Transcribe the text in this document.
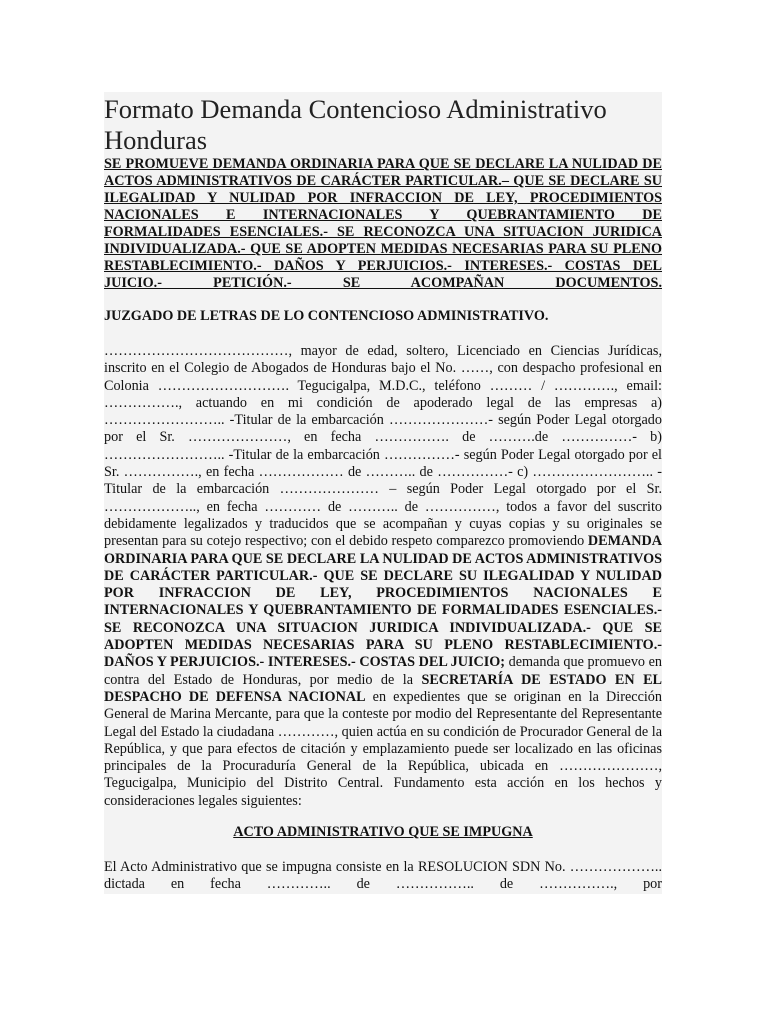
Formato Demanda Contencioso Administrativo Honduras

SE PROMUEVE DEMANDA ORDINARIA PARA QUE SE DECLARE LA NULIDAD DE ACTOS ADMINISTRATIVOS DE CARÁCTER PARTICULAR.– QUE SE DECLARE SU ILEGALIDAD Y NULIDAD POR INFRACCION DE LEY, PROCEDIMIENTOS NACIONALES E INTERNACIONALES Y QUEBRANTAMIENTO DE FORMALIDADES ESENCIALES.- SE RECONOZCA UNA SITUACION JURIDICA INDIVIDUALIZADA.- QUE SE ADOPTEN MEDIDAS NECESARIAS PARA SU PLENO RESTABLECIMIENTO.- DAÑOS Y PERJUICIOS.- INTERESES.- COSTAS DEL JUICIO.- PETICIÓN.- SE ACOMPAÑAN DOCUMENTOS.

JUZGADO DE LETRAS DE LO CONTENCIOSO ADMINISTRATIVO.

…………………………………, mayor de edad, soltero, Licenciado en Ciencias Jurídicas, inscrito en el Colegio de Abogados de Honduras bajo el No. ……, con despacho profesional en Colonia ………………………. Tegucigalpa, M.D.C., teléfono ……… / …………., email: ……………., actuando en mi condición de apoderado legal de las empresas a) …………………….. -Titular de la embarcación …………………- según Poder Legal otorgado por el Sr. …………………, en fecha ……………. de ……….de ……………- b) …………………….. -Titular de la embarcación ……………- según Poder Legal otorgado por el Sr. ……………., en fecha ……………… de ……….. de ……………- c) …………………….. -Titular de la embarcación ………………… – según Poder Legal otorgado por el Sr. ……………….., en fecha ………… de ……….. de ……………, todos a favor del suscrito debidamente legalizados y traducidos que se acompañan y cuyas copias y su originales se presentan para su cotejo respectivo; con el debido respeto comparezco promoviendo DEMANDA ORDINARIA PARA QUE SE DECLARE LA NULIDAD DE ACTOS ADMINISTRATIVOS DE CARÁCTER PARTICULAR.- QUE SE DECLARE SU ILEGALIDAD Y NULIDAD POR INFRACCION DE LEY, PROCEDIMIENTOS NACIONALES E INTERNACIONALES Y QUEBRANTAMIENTO DE FORMALIDADES ESENCIALES.- SE RECONOZCA UNA SITUACION JURIDICA INDIVIDUALIZADA.- QUE SE ADOPTEN MEDIDAS NECESARIAS PARA SU PLENO RESTABLECIMIENTO.- DAÑOS Y PERJUICIOS.- INTERESES.- COSTAS DEL JUICIO; demanda que promuevo en contra del Estado de Honduras, por medio de la SECRETARÍA DE ESTADO EN EL DESPACHO DE DEFENSA NACIONAL en expedientes que se originan en la Dirección General de Marina Mercante, para que la conteste por modio del Representante del Representante Legal del Estado la ciudadana …………, quien actúa en su condición de Procurador General de la República, y que para efectos de citación y emplazamiento puede ser localizado en las oficinas principales de la Procuraduría General de la República, ubicada en …………………, Tegucigalpa, Municipio del Distrito Central. Fundamento esta acción en los hechos y consideraciones legales siguientes:

ACTO ADMINISTRATIVO QUE SE IMPUGNA

El Acto Administrativo que se impugna consiste en la RESOLUCION SDN No. ……………….. dictada en fecha ………….. de …………….. de ……………., por
